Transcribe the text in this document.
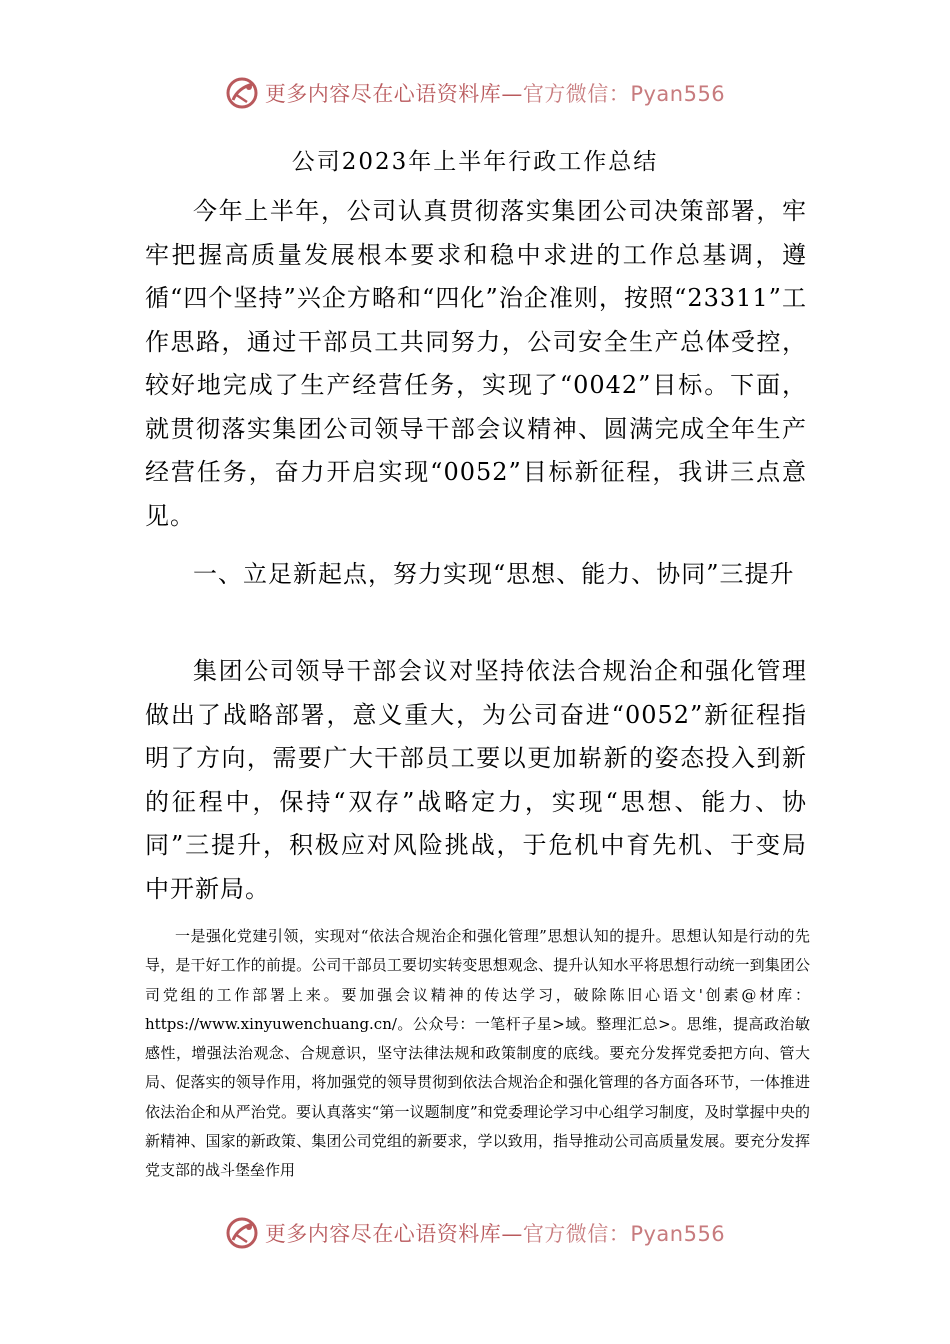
更多内容尽在心语资料库—官方微信：Pyan556
公司2023年上半年行政工作总结

今年上半年，公司认真贯彻落实集团公司决策部署，牢牢把握高质量发展根本要求和稳中求进的工作总基调，遵循“四个坚持”兴企方略和“四化”治企准则，按照“23311”工作思路，通过干部员工共同努力，公司安全生产总体受控，较好地完成了生产经营任务，实现了“0042”目标。下面，就贯彻落实集团公司领导干部会议精神、圆满完成全年生产经营任务，奋力开启实现“0052”目标新征程，我讲三点意见。

一、立足新起点，努力实现“思想、能力、协同”三提升

集团公司领导干部会议对坚持依法合规治企和强化管理做出了战略部署，意义重大，为公司奋进“0052”新征程指明了方向，需要广大干部员工要以更加崭新的姿态投入到新的征程中，保持“双存”战略定力，实现“思想、能力、协同”三提升，积极应对风险挑战，于危机中育先机、于变局中开新局。

一是强化党建引领，实现对“依法合规治企和强化管理”思想认知的提升。思想认知是行动的先导，是干好工作的前提。公司干部员工要切实转变思想观念、提升认知水平将思想行动统一到集团公司党组的工作部署上来。要加强会议精神的传达学习，破除陈旧心语文'创素@材库：https://www.xinyuwenchuang.cn/。公众号：一笔杆子星>域。整理汇总>。思维，提高政治敏感性，增强法治观念、合规意识，坚守法律法规和政策制度的底线。要充分发挥党委把方向、管大局、促落实的领导作用，将加强党的领导贯彻到依法合规治企和强化管理的各方面各环节，一体推进依法治企和从严治党。要认真落实“第一议题制度”和党委理论学习中心组学习制度，及时掌握中央的新精神、国家的新政策、集团公司党组的新要求，学以致用，指导推动公司高质量发展。要充分发挥党支部的战斗堡垒作用

更多内容尽在心语资料库—官方微信：Pyan556
